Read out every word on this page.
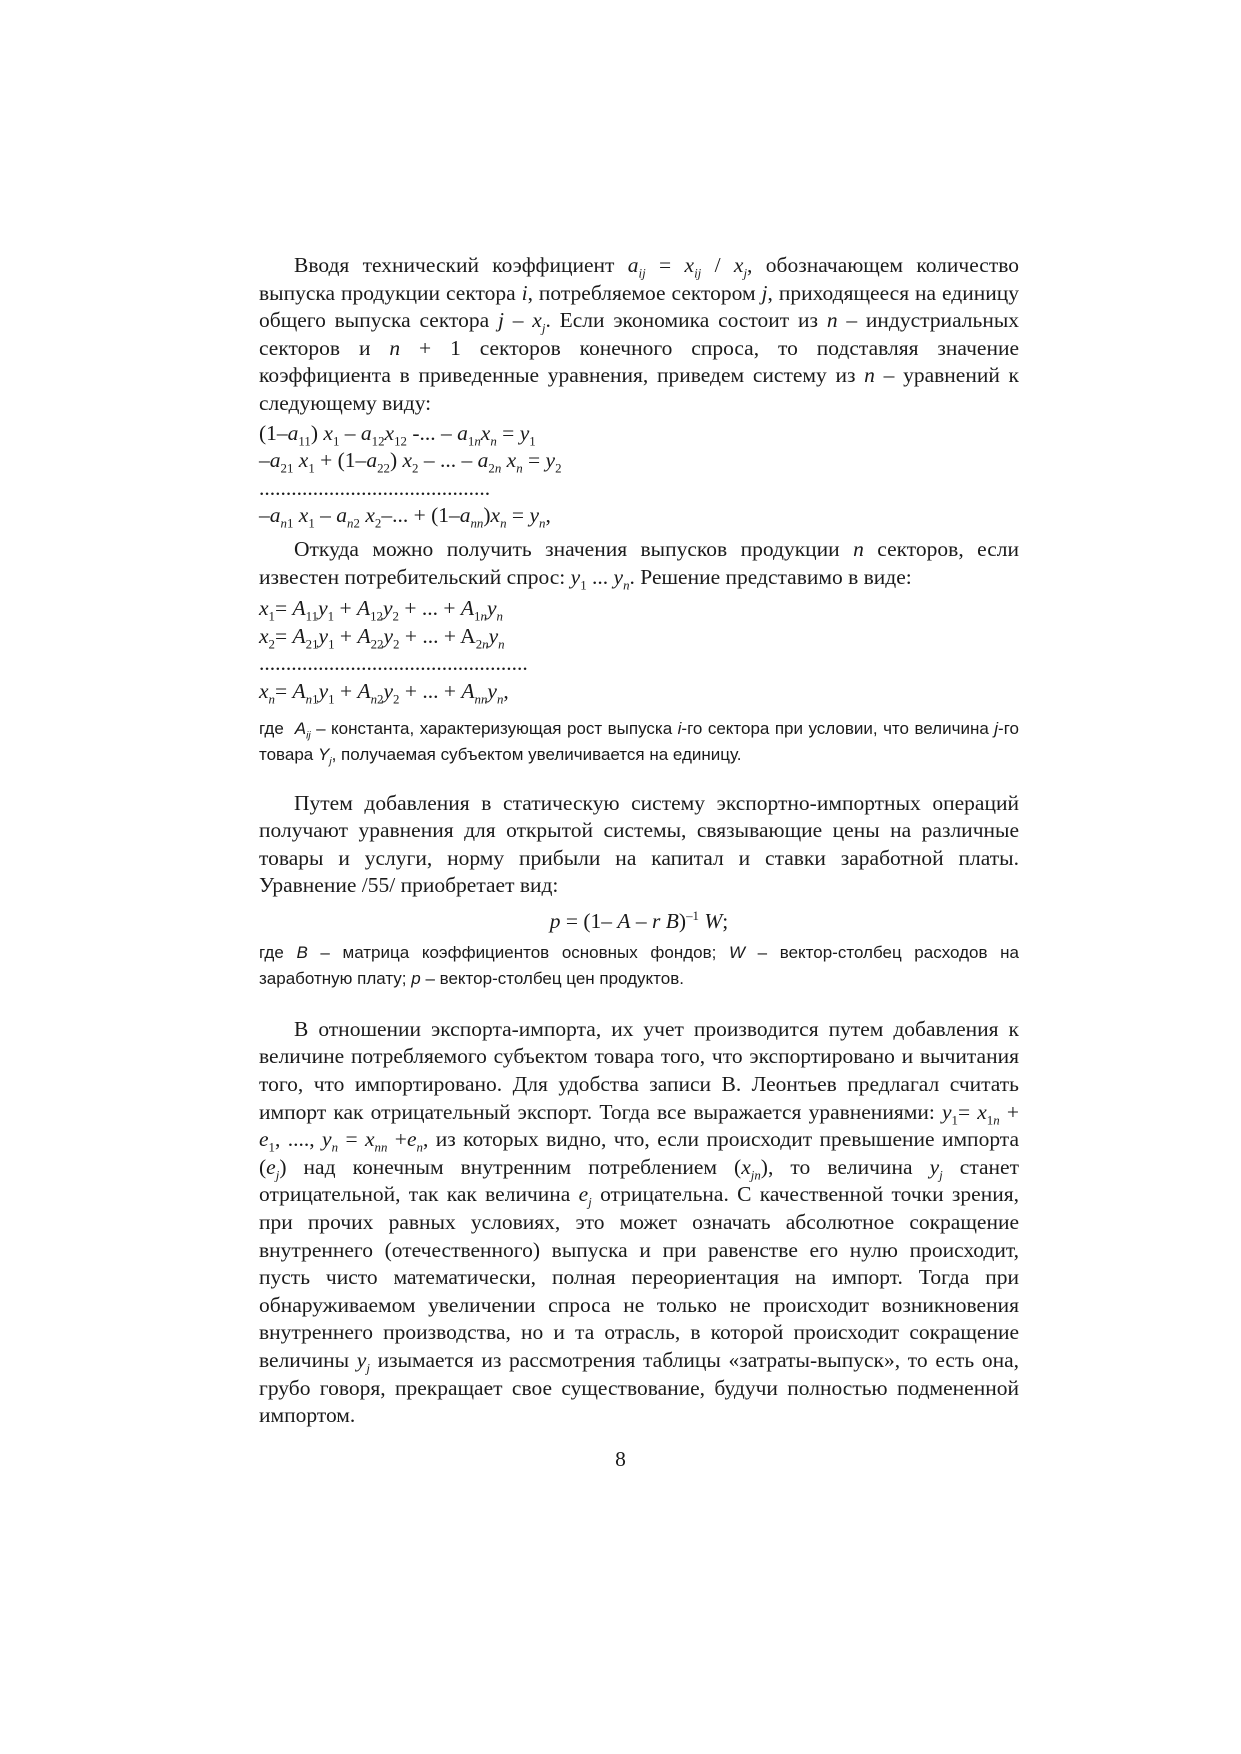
Вводя технический коэффициент $a_{ij} = x_{ij} / x_j$, обозначающем количество выпуска продукции сектора i, потребляемое сектором j, приходящееся на единицу общего выпуска сектора j – $x_j$. Если экономика состоит из n – индустриальных секторов и n + 1 секторов конечного спроса, то подставляя значение коэффициента в приведенные уравнения, приведем систему из n – уравнений к следующему виду:

$(1-a_{11})$ $x_1 - a_{12}x_{12}$ -... – $a_{1n}x_n = y_1$
$-a_{21}$ $x_1 + (1-a_{22})$ $x_2$ – ... – $a_{2n}$ $x_n = y_2$
...........................................
$-a_{n1}$ $x_1 - a_{n2}$ $x_2-$... + $(1-a_{nn})x_n = y_n$,

Откуда можно получить значения выпусков продукции n секторов, если известен потребительский спрос: $y_1$ ... $y_n$. Решение представимо в виде:

$x_1= A_{11}y_1 + A_{12}y_2$ + ... + $A_{1n}y_n$
$x_2= A_{21}y_1 + A_{22}y_2$ + ... + $A_{2n}y_n$
..................................................
$x_n= A_{n1}y_1 + A_{n2}y_2$ + ... + $A_{nn}y_n$,

где  $A_{ij}$ – константа, характеризующая рост выпуска i-го сектора при условии, что величина j-го товара $Y_j$, получаемая субъектом увеличивается на единицу.

Путем добавления в статическую систему экспортно-импортных операций получают уравнения для открытой системы, связывающие цены на различные товары и услуги, норму прибыли на капитал и ставки заработной платы. Уравнение /55/ приобретает вид:

p = (1– A – r B)$^{-1}$ W;

где B – матрица коэффициентов основных фондов; W – вектор-столбец расходов на заработную плату; p – вектор-столбец цен продуктов.

В отношении экспорта-импорта, их учет производится путем добавления к величине потребляемого субъектом товара того, что экспортировано и вычитания того, что импортировано. Для удобства записи В. Леонтьев предлагал считать импорт как отрицательный экспорт. Тогда все выражается уравнениями: $y_1= x_{1n} + e_1$, ...., $y_n = x_{nn} +e_n$, из которых видно, что, если происходит превышение импорта $(e_j)$ над конечным внутренним потреблением $(x_{jn})$, то величина $y_j$ станет отрицательной, так как величина $e_j$ отрицательна. С качественной точки зрения, при прочих равных условиях, это может означать абсолютное сокращение внутреннего (отечественного) выпуска и при равенстве его нулю происходит, пусть чисто математически, полная переориентация на импорт. Тогда при обнаруживаемом увеличении спроса не только не происходит возникновения внутреннего производства, но и та отрасль, в которой происходит сокращение величины $y_j$ изымается из рассмотрения таблицы «затраты-выпуск», то есть она, грубо говоря, прекращает свое существование, будучи полностью подмененной импортом.

8
